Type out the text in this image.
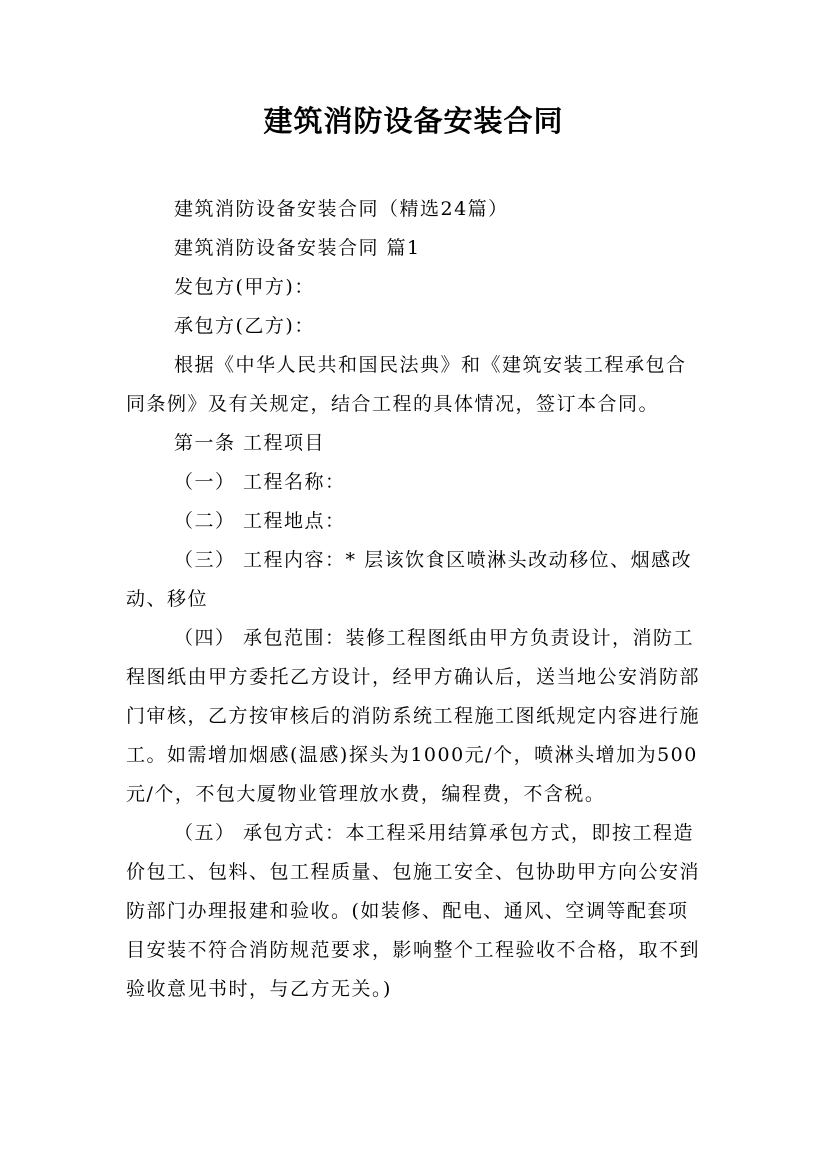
建筑消防设备安装合同

建筑消防设备安装合同（精选24篇）

建筑消防设备安装合同 篇1

发包方(甲方)：

承包方(乙方)：

根据《中华人民共和国民法典》和《建筑安装工程承包合同条例》及有关规定，结合工程的具体情况，签订本合同。

第一条 工程项目

（一） 工程名称：

（二） 工程地点：

（三） 工程内容：* 层该饮食区喷淋头改动移位、烟感改动、移位

（四） 承包范围：装修工程图纸由甲方负责设计，消防工程图纸由甲方委托乙方设计，经甲方确认后，送当地公安消防部门审核，乙方按审核后的消防系统工程施工图纸规定内容进行施工。如需增加烟感(温感)探头为1000元/个，喷淋头增加为500元/个，不包大厦物业管理放水费，编程费，不含税。

（五） 承包方式：本工程采用结算承包方式，即按工程造价包工、包料、包工程质量、包施工安全、包协助甲方向公安消防部门办理报建和验收。(如装修、配电、通风、空调等配套项目安装不符合消防规范要求，影响整个工程验收不合格，取不到验收意见书时，与乙方无关。)
